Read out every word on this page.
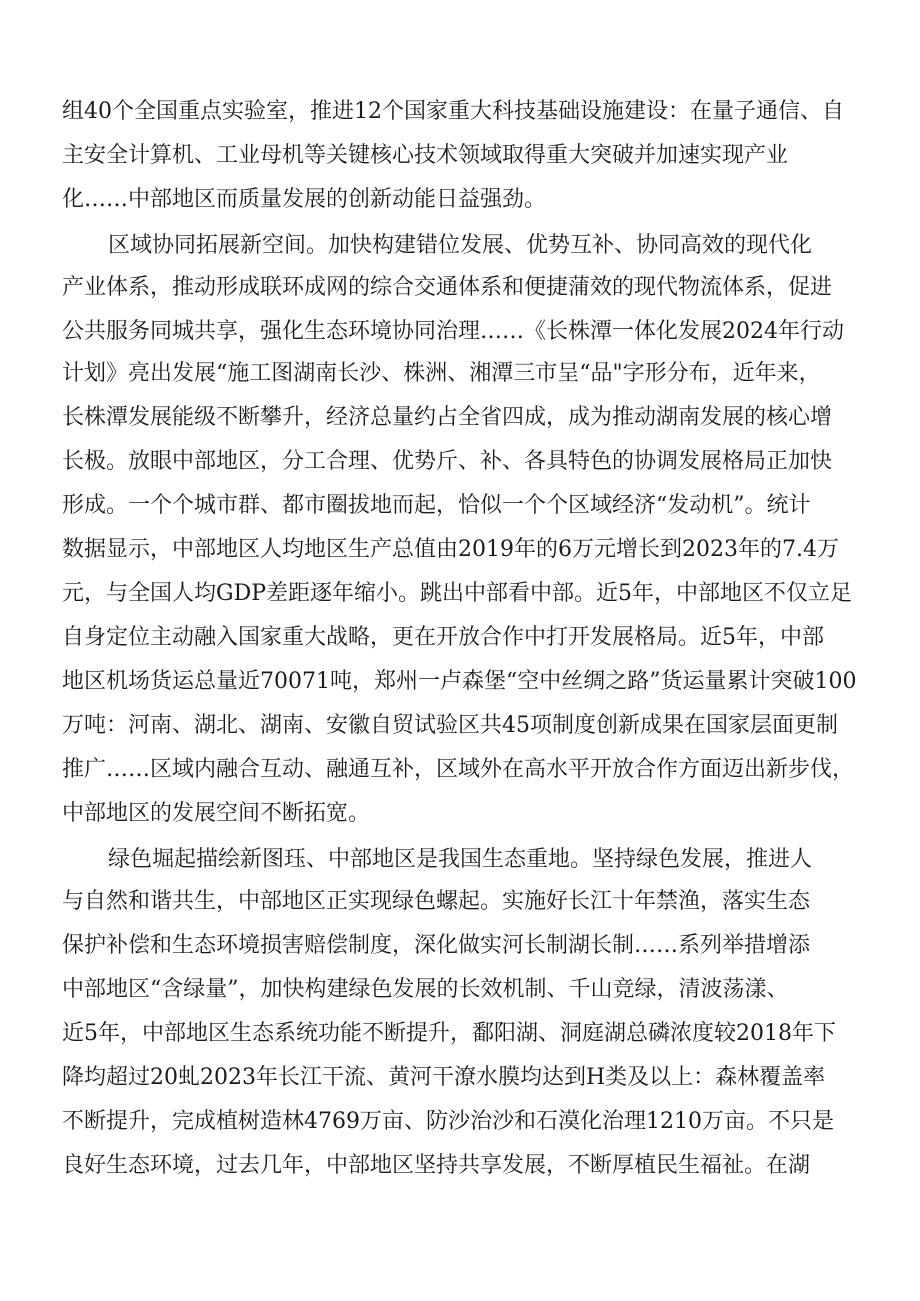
组40个全国重点实验室，推进12个国家重大科技基础设施建设：在量子通信、自
主安全计算机、工业母机等关键核心技术领域取得重大突破并加速实现产业
化……中部地区而质量发展的创新动能日益强劲。
区域协同拓展新空间。加快构建错位发展、优势互补、协同高效的现代化
产业体系，推动形成联环成网的综合交通体系和便捷蒲效的现代物流体系，促进
公共服务同城共享，强化生态环境协同治理……《长株潭一体化发展2024年行动
计划》亮出发展“施工图湖南长沙、株洲、湘潭三市呈“品"字形分布，近年来，
长株潭发展能级不断攀升，经济总量约占全省四成，成为推动湖南发展的核心增
长极。放眼中部地区，分工合理、优势斤、补、各具特色的协调发展格局正加快
形成。一个个城市群、都市圈拔地而起，恰似一个个区域经济“发动机”。统计
数据显示，中部地区人均地区生产总值由2019年的6万元增长到2023年的7.4万
元，与全国人均GDP差距逐年缩小。跳出中部看中部。近5年，中部地区不仅立足
自身定位主动融入国家重大战略，更在开放合作中打开发展格局。近5年，中部
地区机场货运总量近70071吨，郑州一卢森堡“空中丝绸之路”货运量累计突破100
万吨：河南、湖北、湖南、安徽自贸试验区共45项制度创新成果在国家层面更制
推广……区域内融合互动、融通互补，区域外在高水平开放合作方面迈出新步伐，
中部地区的发展空间不断拓宽。
绿色堀起描绘新图珏、中部地区是我国生态重地。坚持绿色发展，推进人
与自然和谐共生，中部地区正实现绿色螺起。实施好长江十年禁渔，落实生态
保护补偿和生态环境损害赔偿制度，深化做实河长制湖长制……系列举措增添
中部地区“含绿量”，加快构建绿色发展的长效机制、千山竞绿，清波荡漾、
近5年，中部地区生态系统功能不断提升，鄱阳湖、洞庭湖总磷浓度较2018年下
降均超过20虬2023年长江干流、黄河干潦水膜均达到H类及以上：森林覆盖率
不断提升，完成植树造林4769万亩、防沙治沙和石漠化治理1210万亩。不只是
良好生态环境，过去几年，中部地区坚持共享发展，不断厚植民生福祉。在湖
